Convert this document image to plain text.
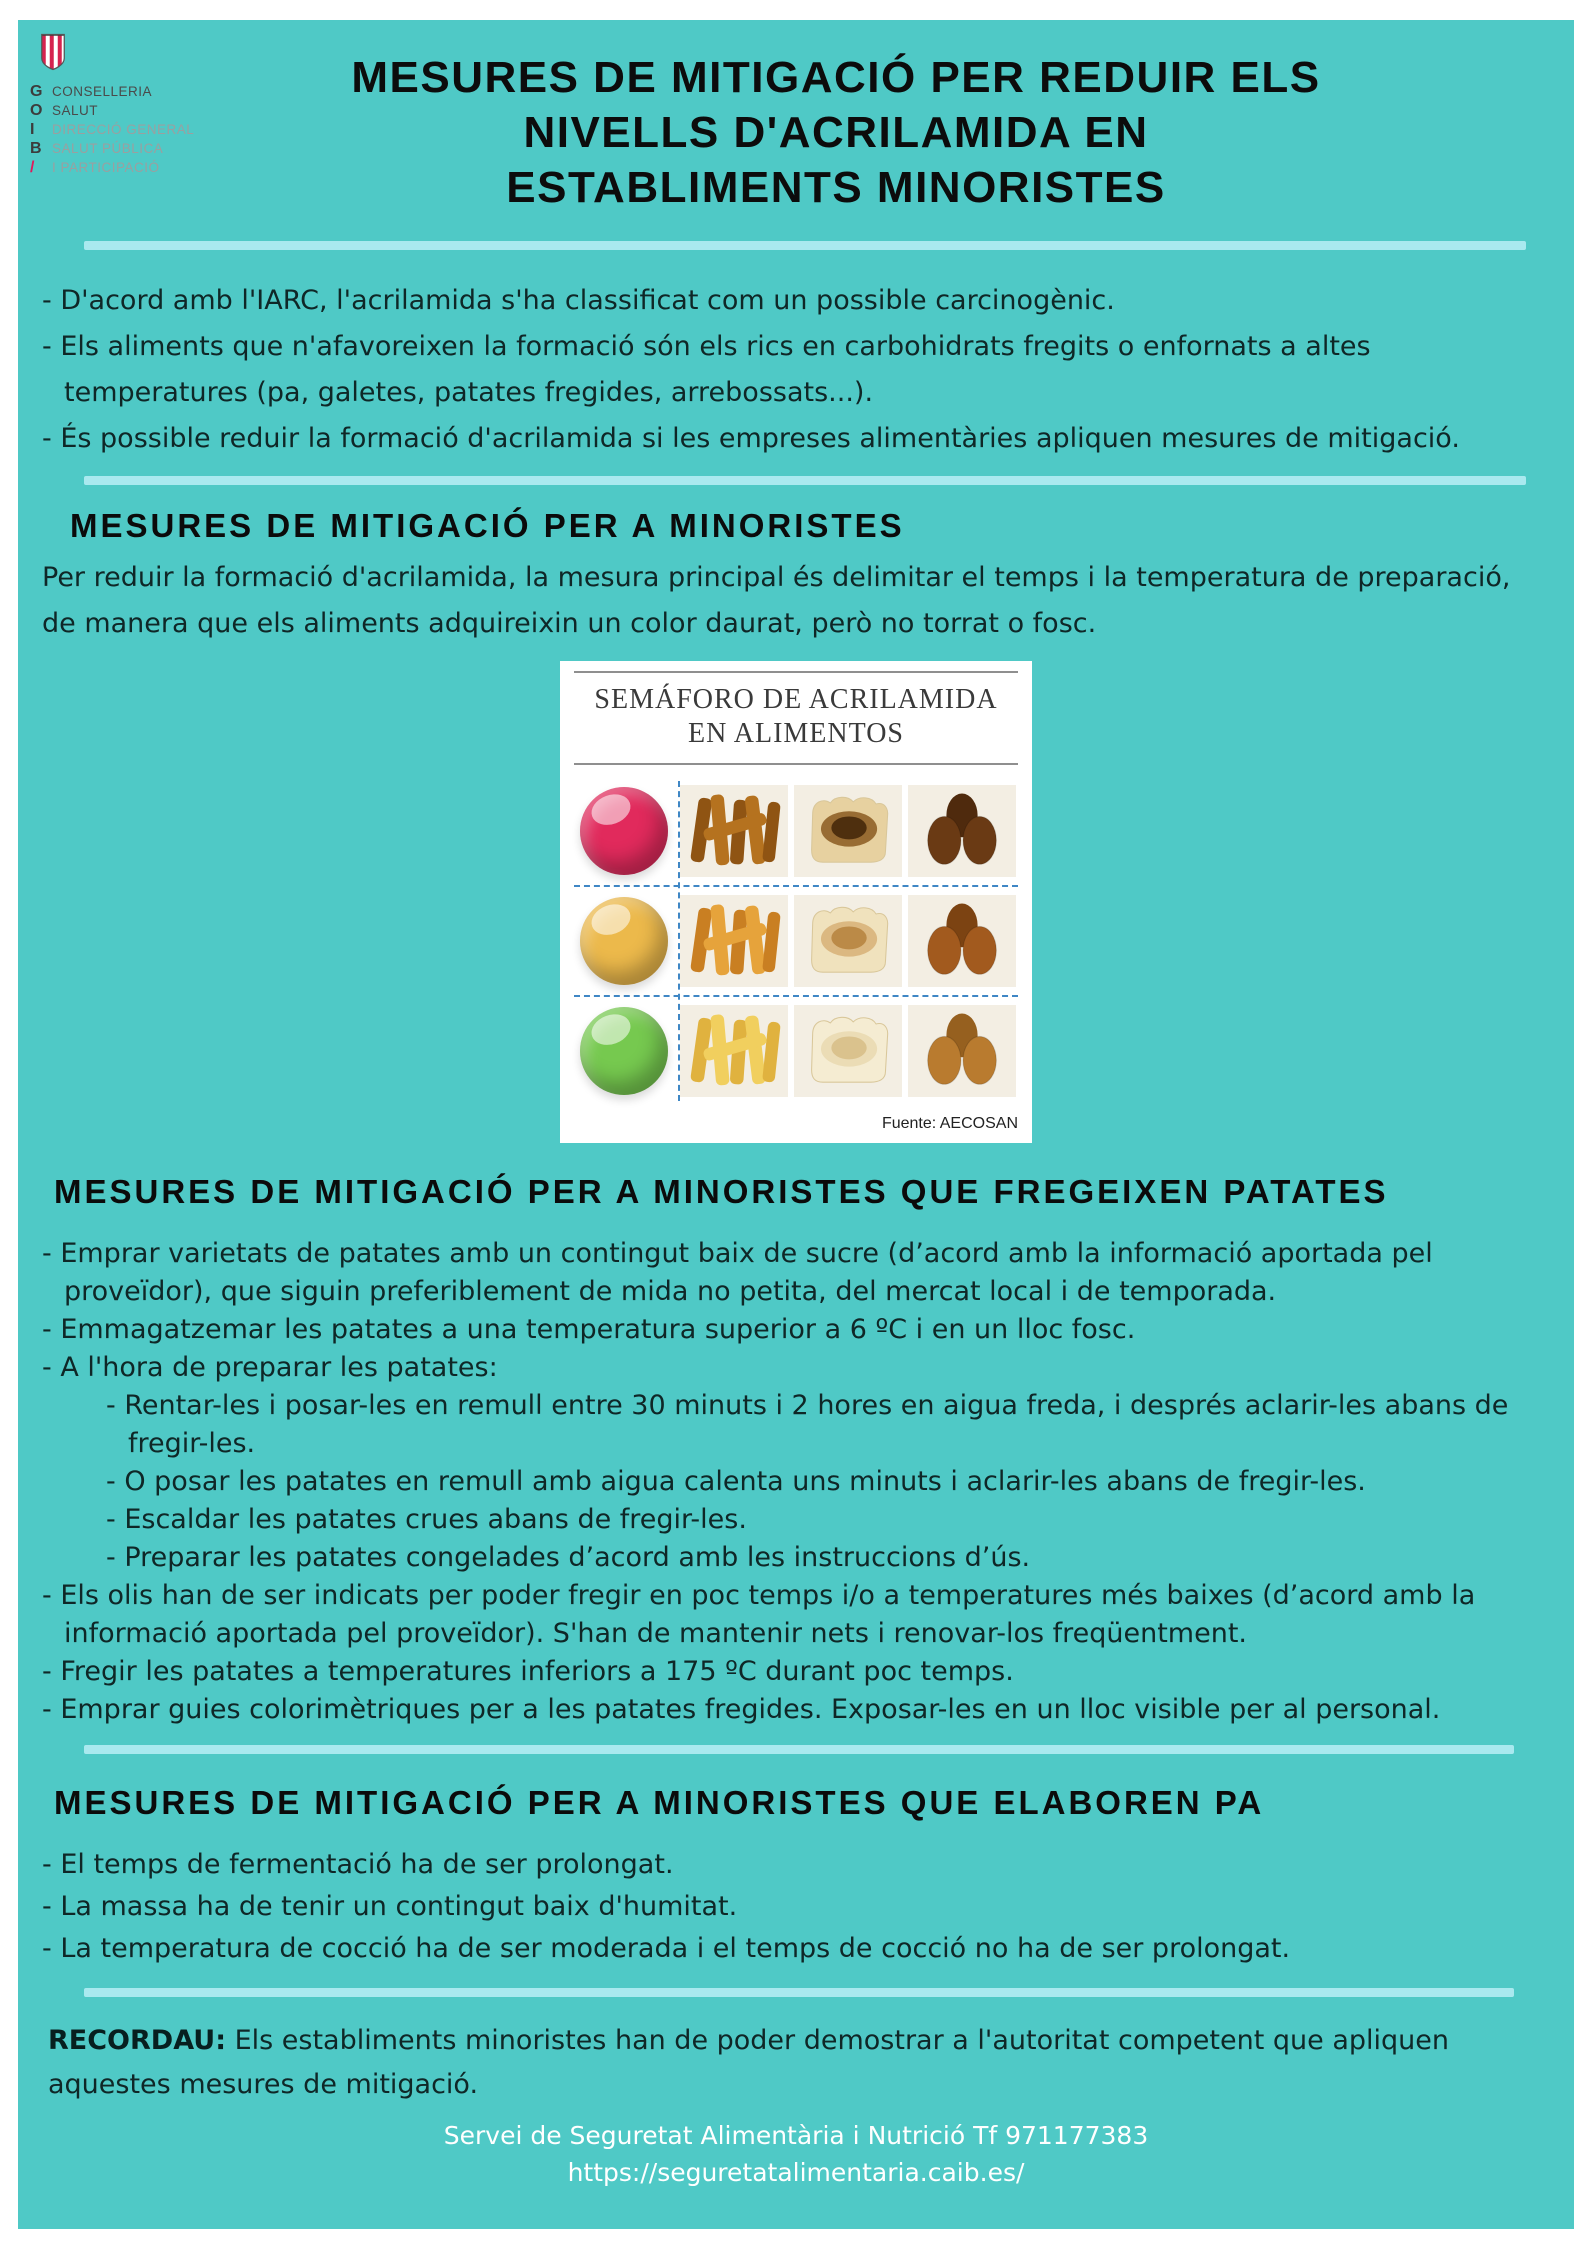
G CONSELLERIA
O SALUT
I	DIRECCIÓ GENERAL
B SALUT PÚBLICA
/	I PARTICIPACIÓ
MESURES DE MITIGACIÓ PER REDUIR ELS
NIVELLS D'ACRILAMIDA EN
ESTABLIMENTS MINORISTES
- D'acord amb l'IARC, l'acrilamida s'ha classificat com un possible carcinogènic.
- Els aliments que n'afavoreixen la formació són els rics en carbohidrats fregits o enfornats a altes temperatures (pa, galetes, patates fregides, arrebossats...).
- És possible reduir la formació d'acrilamida si les empreses alimentàries apliquen mesures de mitigació.
MESURES DE MITIGACIÓ PER A MINORISTES

Per reduir la formació d'acrilamida, la mesura principal és delimitar el temps i la temperatura de preparació, de manera que els aliments adquireixin un color daurat, però no torrat o fosc.

SEMÁFORO DE ACRILAMIDA
EN ALIMENTOS
Fuente: AECOSAN
MESURES DE MITIGACIÓ PER A MINORISTES QUE FREGEIXEN PATATES
- Emprar varietats de patates amb un contingut baix de sucre (d’acord amb la informació aportada pel proveïdor), que siguin preferiblement de mida no petita, del mercat local i de temporada.
- Emmagatzemar les patates a una temperatura superior a 6 ºC i en un lloc fosc.
- A l'hora de preparar les patates:
- Rentar-les i posar-les en remull entre 30 minuts i 2 hores en aigua freda, i després aclarir-les abans de fregir-les.
- O posar les patates en remull amb aigua calenta uns minuts i aclarir-les abans de fregir-les.
- Escaldar les patates crues abans de fregir-les.
- Preparar les patates congelades d’acord amb les instruccions d’ús.
- Els olis han de ser indicats per poder fregir en poc temps i/o a temperatures més baixes (d’acord amb la informació aportada pel proveïdor). S'han de mantenir nets i renovar-los freqüentment.
- Fregir les patates a temperatures inferiors a 175 ºC durant poc temps.
- Emprar guies colorimètriques per a les patates fregides. Exposar-les en un lloc visible per al personal.
MESURES DE MITIGACIÓ PER A MINORISTES QUE ELABOREN PA
- El temps de fermentació ha de ser prolongat.
- La massa ha de tenir un contingut baix d'humitat.
- La temperatura de cocció ha de ser moderada i el temps de cocció no ha de ser prolongat.

RECORDAU: Els establiments minoristes han de poder demostrar a l'autoritat competent que apliquen aquestes mesures de mitigació.

Servei de Seguretat Alimentària i Nutrició Tf 971177383
https://seguretatalimentaria.caib.es/
